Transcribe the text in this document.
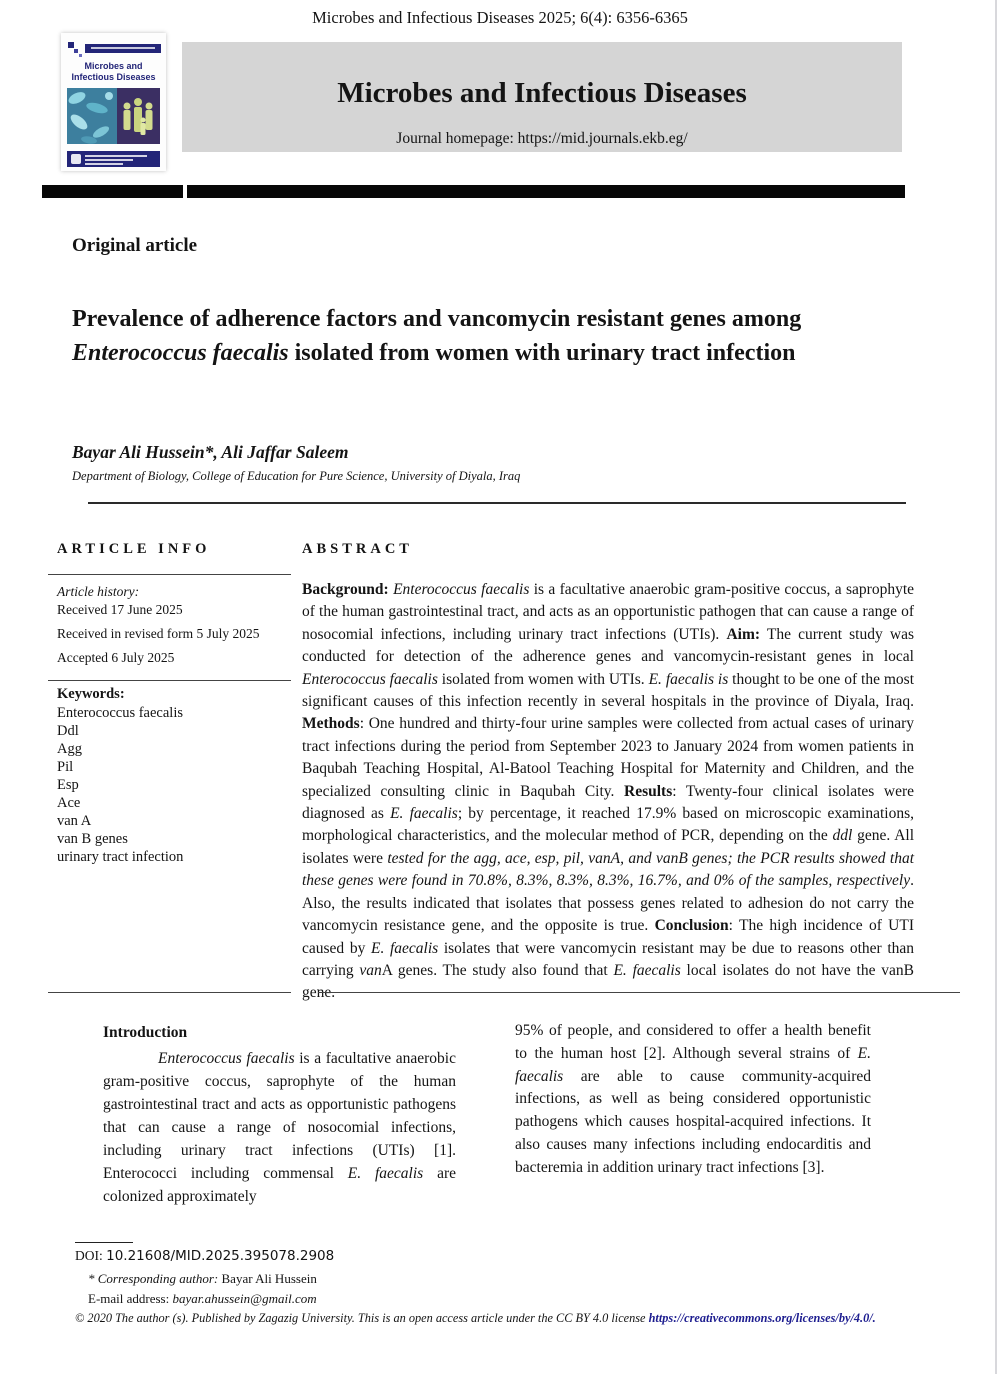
Microbes and Infectious Diseases 2025; 6(4): 6356-6365
Microbes and
Infectious Diseases	Microbes and Infectious Diseases
Journal homepage: https://mid.journals.ekb.eg/
Original article
Prevalence of adherence factors and vancomycin resistant genes among Enterococcus faecalis isolated from women with urinary tract infection
Bayar Ali Hussein*, Ali Jaffar Saleem
Department of Biology, College of Education for Pure Science, University of Diyala, Iraq
ARTICLE INFO
Article history:
Received 17 June 2025
Received in revised form 5 July 2025
Accepted 6 July 2025
Keywords:
Enterococcus faecalis
Ddl
Agg
Pil
Esp
Ace
van A
van B genes
urinary tract infection
ABSTRACT
Background: Enterococcus faecalis is a facultative anaerobic gram-positive coccus, a saprophyte of the human gastrointestinal tract, and acts as an opportunistic pathogen that can cause a range of nosocomial infections, including urinary tract infections (UTIs). Aim: The current study was conducted for detection of the adherence genes and vancomycin-resistant genes in local Enterococcus faecalis isolated from women with UTIs. E. faecalis is thought to be one of the most significant causes of this infection recently in several hospitals in the province of Diyala, Iraq. Methods: One hundred and thirty-four urine samples were collected from actual cases of urinary tract infections during the period from September 2023 to January 2024 from women patients in Baqubah Teaching Hospital, Al-Batool Teaching Hospital for Maternity and Children, and the specialized consulting clinic in Baqubah City. Results: Twenty-four clinical isolates were diagnosed as E. faecalis; by percentage, it reached 17.9% based on microscopic examinations, morphological characteristics, and the molecular method of PCR, depending on the ddl gene. All isolates were tested for the agg, ace, esp, pil, vanA, and vanB genes; the PCR results showed that these genes were found in 70.8%, 8.3%, 8.3%, 8.3%, 16.7%, and 0% of the samples, respectively. Also, the results indicated that isolates that possess genes related to adhesion do not carry the vancomycin resistance gene, and the opposite is true. Conclusion: The high incidence of UTI caused by E. faecalis isolates that were vancomycin resistant may be due to reasons other than carrying vanA genes. The study also found that E. faecalis local isolates do not have the vanB gene.
Introduction
Enterococcus faecalis is a facultative anaerobic gram-positive coccus, saprophyte of the human gastrointestinal tract and acts as opportunistic pathogens that can cause a range of nosocomial infections, including urinary tract infections (UTIs) [1]. Enterococci including commensal E. faecalis are colonized approximately
95% of people, and considered to offer a health benefit to the human host [2]. Although several strains of E. faecalis are able to cause community-acquired infections, as well as being considered opportunistic pathogens which causes hospital-acquired infections. It also causes many infections including endocarditis and bacteremia in addition urinary tract infections [3].
DOI: 10.21608/MID.2025.395078.2908
* Corresponding author: Bayar Ali Hussein
E-mail address: bayar.ahussein@gmail.com
© 2020 The author (s). Published by Zagazig University. This is an open access article under the CC BY 4.0 license https://creativecommons.org/licenses/by/4.0/.
